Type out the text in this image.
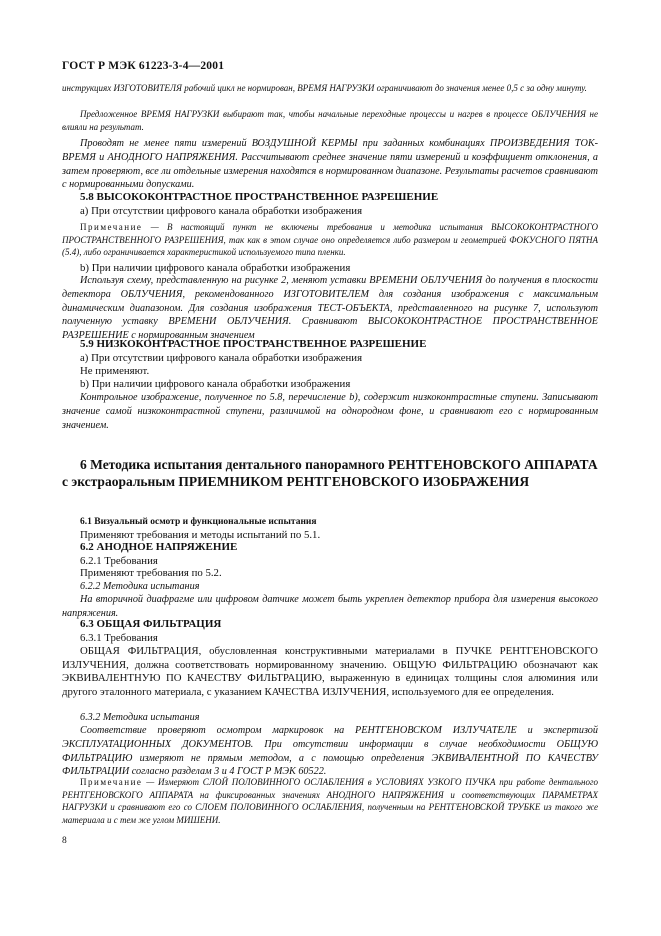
ГОСТ Р МЭК 61223-3-4—2001

инструкциях ИЗГОТОВИТЕЛЯ рабочий цикл не нормирован, ВРЕМЯ НАГРУЗКИ ограничивают до значения менее 0,5 с за одну минуту.

Предложенное ВРЕМЯ НАГРУЗКИ выбирают так, чтобы начальные переходные процессы и нагрев в процессе ОБЛУЧЕНИЯ не влияли на результат.

Проводят не менее пяти измерений ВОЗДУШНОЙ КЕРМЫ при заданных комбинациях ПРОИЗВЕДЕНИЯ ТОК-ВРЕМЯ и АНОДНОГО НАПРЯЖЕНИЯ. Рассчитывают среднее значение пяти измерений и коэффициент отклонения, а затем проверяют, все ли отдельные измерения находятся в нормированном диапазоне. Результаты расчетов сравнивают с нормированными допусками.

5.8 ВЫСОКОКОНТРАСТНОЕ ПРОСТРАНСТВЕННОЕ РАЗРЕШЕНИЕ
a) При отсутствии цифрового канала обработки изображения

Примечание — В настоящий пункт не включены требования и методика испытания ВЫСОКОКОНТРАСТНОГО ПРОСТРАНСТВЕННОГО РАЗРЕШЕНИЯ, так как в этом случае оно определяется либо размером и геометрией ФОКУСНОГО ПЯТНА (5.4), либо ограничивается характеристикой используемого типа пленки.

b) При наличии цифрового канала обработки изображения

Используя схему, представленную на рисунке 2, меняют уставки ВРЕМЕНИ ОБЛУЧЕНИЯ до получения в плоскости детектора ОБЛУЧЕНИЯ, рекомендованного ИЗГОТОВИТЕЛЕМ для создания изображения с максимальным динамическим диапазоном. Для создания изображения ТЕСТ-ОБЪЕКТА, представленного на рисунке 7, используют полученную уставку ВРЕМЕНИ ОБЛУЧЕНИЯ. Сравнивают ВЫСОКОКОНТРАСТНОЕ ПРОСТРАНСТВЕННОЕ РАЗРЕШЕНИЕ с нормированным значением

5.9 НИЗКОКОНТРАСТНОЕ ПРОСТРАНСТВЕННОЕ РАЗРЕШЕНИЕ
a) При отсутствии цифрового канала обработки изображения
Не применяют.
b) При наличии цифрового канала обработки изображения

Контрольное изображение, полученное по 5.8, перечисление b), содержит низкоконтрастные ступени. Записывают значение самой низкоконтрастной ступени, различимой на однородном фоне, и сравнивают его с нормированным значением.

6 Методика испытания дентального панорамного РЕНТГЕНОВСКОГО АППАРАТА с экстраоральным ПРИЕМНИКОМ РЕНТГЕНОВСКОГО ИЗОБРАЖЕНИЯ
6.1 Визуальный осмотр и функциональные испытания
Применяют требования и методы испытаний по 5.1.
6.2 АНОДНОЕ НАПРЯЖЕНИЕ
6.2.1 Требования
Применяют требования по 5.2.
6.2.2 Методика испытания

На вторичной диафрагме или цифровом датчике может быть укреплен детектор прибора для измерения высокого напряжения.

6.3 ОБЩАЯ ФИЛЬТРАЦИЯ
6.3.1 Требования

ОБЩАЯ ФИЛЬТРАЦИЯ, обусловленная конструктивными материалами в ПУЧКЕ РЕНТГЕНОВСКОГО ИЗЛУЧЕНИЯ, должна соответствовать нормированному значению. ОБЩУЮ ФИЛЬТРАЦИЮ обозначают как ЭКВИВАЛЕНТНУЮ ПО КАЧЕСТВУ ФИЛЬТРАЦИЮ, выраженную в единицах толщины слоя алюминия или другого эталонного материала, с указанием КАЧЕСТВА ИЗЛУЧЕНИЯ, используемого для ее определения.

6.3.2 Методика испытания

Соответствие проверяют осмотром маркировок на РЕНТГЕНОВСКОМ ИЗЛУЧАТЕЛЕ и экспертизой ЭКСПЛУАТАЦИОННЫХ ДОКУМЕНТОВ. При отсутствии информации в случае необходимости ОБЩУЮ ФИЛЬТРАЦИЮ измеряют не прямым методом, а с помощью определения ЭКВИВАЛЕНТНОЙ ПО КАЧЕСТВУ ФИЛЬТРАЦИИ согласно разделам 3 и 4 ГОСТ Р МЭК 60522.

Примечание — Измеряют СЛОЙ ПОЛОВИННОГО ОСЛАБЛЕНИЯ в УСЛОВИЯХ УЗКОГО ПУЧКА при работе дентального РЕНТГЕНОВСКОГО АППАРАТА на фиксированных значениях АНОДНОГО НАПРЯЖЕНИЯ и соответствующих ПАРАМЕТРАХ НАГРУЗКИ и сравнивают его со СЛОЕМ ПОЛОВИННОГО ОСЛАБЛЕНИЯ, полученным на РЕНТГЕНОВСКОЙ ТРУБКЕ из такого же материала и с тем же углом МИШЕНИ.

8
